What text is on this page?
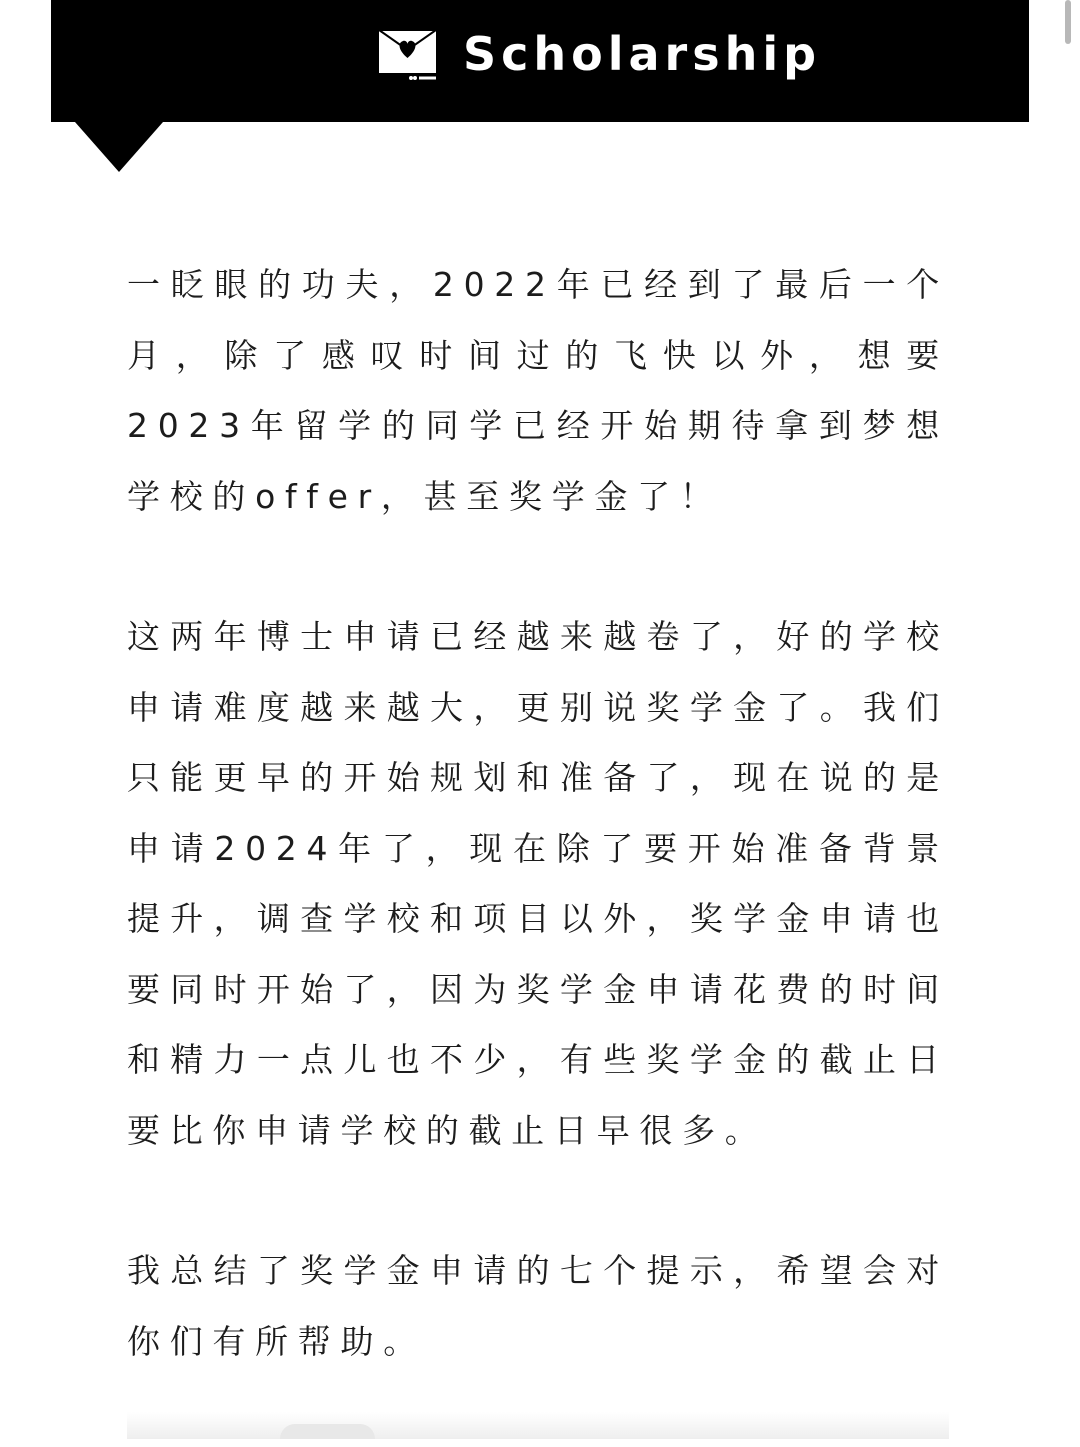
Scholarship

一眨眼的功夫，2022年已经到了最后一个月，除了感叹时间过的飞快以外，想要2023年留学的同学已经开始期待拿到梦想学校的offer，甚至奖学金了！

这两年博士申请已经越来越卷了，好的学校申请难度越来越大，更别说奖学金了。我们只能更早的开始规划和准备了，现在说的是申请2024年了，现在除了要开始准备背景提升，调查学校和项目以外，奖学金申请也要同时开始了，因为奖学金申请花费的时间和精力一点儿也不少，有些奖学金的截止日要比你申请学校的截止日早很多。

我总结了奖学金申请的七个提示，希望会对你们有所帮助。
